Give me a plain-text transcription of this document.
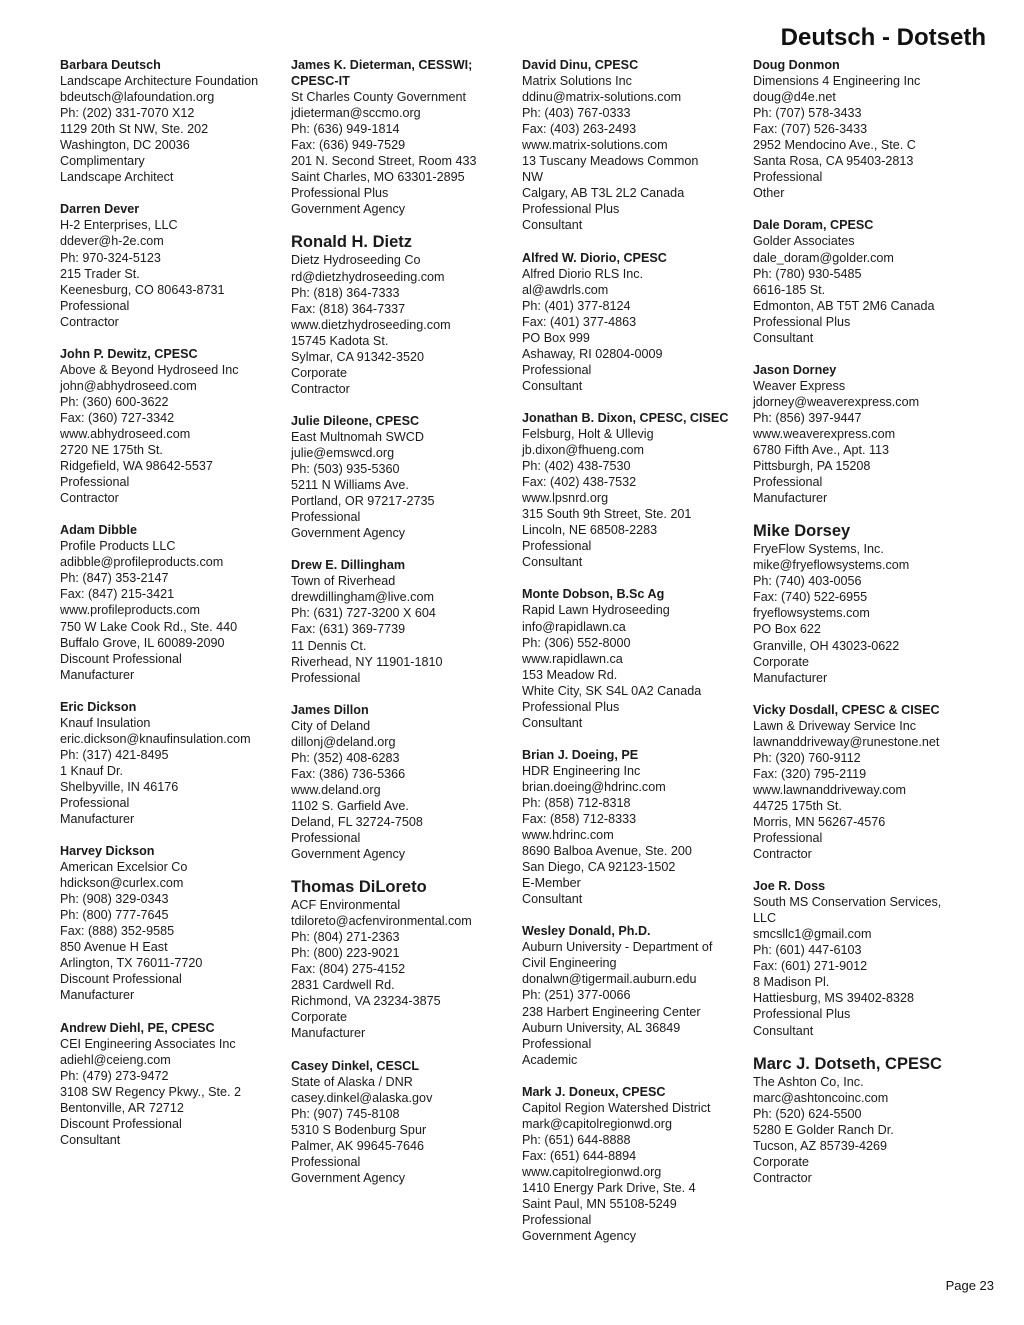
Deutsch - Dotseth
Barbara Deutsch
Landscape Architecture Foundation
bdeutsch@lafoundation.org
Ph: (202) 331-7070 X12
1129 20th St NW, Ste. 202
Washington, DC 20036
Complimentary
Landscape Architect
Darren Dever
H-2 Enterprises, LLC
ddever@h-2e.com
Ph: 970-324-5123
215 Trader St.
Keenesburg, CO 80643-8731
Professional
Contractor
John P. Dewitz, CPESC
Above & Beyond Hydroseed Inc
john@abhydroseed.com
Ph: (360) 600-3622
Fax: (360) 727-3342
www.abhydroseed.com
2720 NE 175th St.
Ridgefield, WA 98642-5537
Professional
Contractor
Adam Dibble
Profile Products LLC
adibble@profileproducts.com
Ph: (847) 353-2147
Fax: (847) 215-3421
www.profileproducts.com
750 W Lake Cook Rd., Ste. 440
Buffalo Grove, IL 60089-2090
Discount Professional
Manufacturer
Eric Dickson
Knauf Insulation
eric.dickson@knaufinsulation.com
Ph: (317) 421-8495
1 Knauf Dr.
Shelbyville, IN 46176
Professional
Manufacturer
Harvey Dickson
American Excelsior Co
hdickson@curlex.com
Ph: (908) 329-0343
Ph: (800) 777-7645
Fax: (888) 352-9585
850 Avenue H East
Arlington, TX 76011-7720
Discount Professional
Manufacturer
Andrew Diehl, PE, CPESC
CEI Engineering Associates Inc
adiehl@ceieng.com
Ph: (479) 273-9472
3108 SW Regency Pkwy., Ste. 2
Bentonville, AR 72712
Discount Professional
Consultant
James K. Dieterman, CESSWI; CPESC-IT
St Charles County Government
jdieterman@sccmo.org
Ph: (636) 949-1814
Fax: (636) 949-7529
201 N. Second Street, Room 433
Saint Charles, MO 63301-2895
Professional Plus
Government Agency
Ronald H. Dietz
Dietz Hydroseeding Co
rd@dietzhydroseeding.com
Ph: (818) 364-7333
Fax: (818) 364-7337
www.dietzhydroseeding.com
15745 Kadota St.
Sylmar, CA 91342-3520
Corporate
Contractor
Julie Dileone, CPESC
East Multnomah SWCD
julie@emswcd.org
Ph: (503) 935-5360
5211 N Williams Ave.
Portland, OR 97217-2735
Professional
Government Agency
Drew E. Dillingham
Town of Riverhead
drewdillingham@live.com
Ph: (631) 727-3200 X 604
Fax: (631) 369-7739
11 Dennis Ct.
Riverhead, NY 11901-1810
Professional
James Dillon
City of Deland
dillonj@deland.org
Ph: (352) 408-6283
Fax: (386) 736-5366
www.deland.org
1102 S. Garfield Ave.
Deland, FL 32724-7508
Professional
Government Agency
Thomas DiLoreto
ACF Environmental
tdiloreto@acfenvironmental.com
Ph: (804) 271-2363
Ph: (800) 223-9021
Fax: (804) 275-4152
2831 Cardwell Rd.
Richmond, VA 23234-3875
Corporate
Manufacturer
Casey Dinkel, CESCL
State of Alaska / DNR
casey.dinkel@alaska.gov
Ph: (907) 745-8108
5310 S Bodenburg Spur
Palmer, AK 99645-7646
Professional
Government Agency
David Dinu, CPESC
Matrix Solutions Inc
ddinu@matrix-solutions.com
Ph: (403) 767-0333
Fax: (403) 263-2493
www.matrix-solutions.com
13 Tuscany Meadows Common
NW
Calgary, AB T3L 2L2 Canada
Professional Plus
Consultant
Alfred W. Diorio, CPESC
Alfred Diorio RLS Inc.
al@awdrls.com
Ph: (401) 377-8124
Fax: (401) 377-4863
PO Box 999
Ashaway, RI 02804-0009
Professional
Consultant
Jonathan B. Dixon, CPESC, CISEC
Felsburg, Holt & Ullevig
jb.dixon@fhueng.com
Ph: (402) 438-7530
Fax: (402) 438-7532
www.lpsnrd.org
315 South 9th Street, Ste. 201
Lincoln, NE 68508-2283
Professional
Consultant
Monte Dobson, B.Sc Ag
Rapid Lawn Hydroseeding
info@rapidlawn.ca
Ph: (306) 552-8000
www.rapidlawn.ca
153 Meadow Rd.
White City, SK S4L 0A2 Canada
Professional Plus
Consultant
Brian J. Doeing, PE
HDR Engineering Inc
brian.doeing@hdrinc.com
Ph: (858) 712-8318
Fax: (858) 712-8333
www.hdrinc.com
8690 Balboa Avenue, Ste. 200
San Diego, CA 92123-1502
E-Member
Consultant
Wesley Donald, Ph.D.
Auburn University - Department of
Civil Engineering
donalwn@tigermail.auburn.edu
Ph: (251) 377-0066
238 Harbert Engineering Center
Auburn University, AL 36849
Professional
Academic
Mark J. Doneux, CPESC
Capitol Region Watershed District
mark@capitolregionwd.org
Ph: (651) 644-8888
Fax: (651) 644-8894
www.capitolregionwd.org
1410 Energy Park Drive, Ste. 4
Saint Paul, MN 55108-5249
Professional
Government Agency
Doug Donmon
Dimensions 4 Engineering Inc
doug@d4e.net
Ph: (707) 578-3433
Fax: (707) 526-3433
2952 Mendocino Ave., Ste. C
Santa Rosa, CA 95403-2813
Professional
Other
Dale Doram, CPESC
Golder Associates
dale_doram@golder.com
Ph: (780) 930-5485
6616-185 St.
Edmonton, AB T5T 2M6 Canada
Professional Plus
Consultant
Jason Dorney
Weaver Express
jdorney@weaverexpress.com
Ph: (856) 397-9447
www.weaverexpress.com
6780 Fifth Ave., Apt. 113
Pittsburgh, PA 15208
Professional
Manufacturer
Mike Dorsey
FryeFlow Systems, Inc.
mike@fryeflowsystems.com
Ph: (740) 403-0056
Fax: (740) 522-6955
fryeflowsystems.com
PO Box 622
Granville, OH 43023-0622
Corporate
Manufacturer
Vicky Dosdall, CPESC & CISEC
Lawn & Driveway Service Inc
lawnanddriveway@runestone.net
Ph: (320) 760-9112
Fax: (320) 795-2119
www.lawnanddriveway.com
44725 175th St.
Morris, MN 56267-4576
Professional
Contractor
Joe R. Doss
South MS Conservation Services,
LLC
smcsllc1@gmail.com
Ph: (601) 447-6103
Fax: (601) 271-9012
8 Madison Pl.
Hattiesburg, MS 39402-8328
Professional Plus
Consultant
Marc J. Dotseth, CPESC
The Ashton Co, Inc.
marc@ashtoncoinc.com
Ph: (520) 624-5500
5280 E Golder Ranch Dr.
Tucson, AZ 85739-4269
Corporate
Contractor
Page 23
